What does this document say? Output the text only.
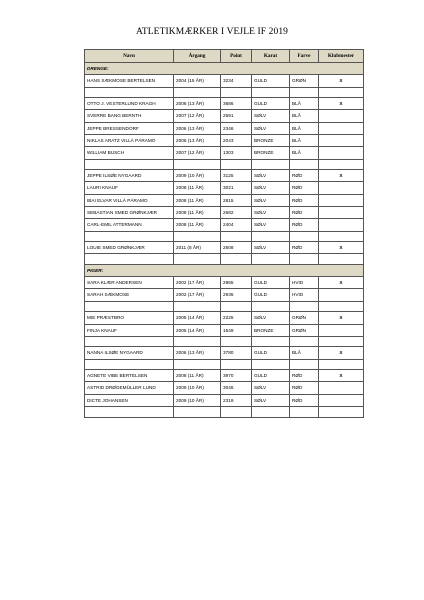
ATLETIKMÆRKER I VEJLE IF 2019
Navn	Årgang	Point	Karat	Farve	Klubmester
DRENGE:					
HANS SÆKMOSE BERTELSEN	2004 (15 ÅR)	3234	GULD	GRØN	X

OTTO J. VESTERLUND KRAGH	2006 (13 ÅR)	3686	GULD	BLÅ	X
SVERRE BANG BERNTH	2007 (12 ÅR)	2591	SØLV	BLÅ	
JEPPE BRESSENDORF	2006 (13 ÅR)	2346	SØLV	BLÅ	
NIKLAS ARATZ VILLÀ PÁRAMO	2006 (13 ÅR)	2043	BRONZE	BLÅ	
WILLIAM BUSCH	2007 (12 ÅR)	1303	BRONZE	BLÅ	

JEPPE ILSØE NYGAARD	2009 (10 ÅR)	3125	SØLV	RØD	X
LAURI KNAUF	2008 (11 ÅR)	3021	SØLV	RØD	
IBAI ELVAR VILLÀ PÁRAMO	2008 (11 ÅR)	2815	SØLV	RØD	
SEBASTIAN SMED GRØNKJÆR	2008 (11 ÅR)	2682	SØLV	RØD	
CARL-EMIL ATTERMANN	2008 (11 ÅR)	2404	SØLV	RØD	

LOUIE SMED GRØNKJÆR	2011 (8 ÅR)	2608	SØLV	RØD	X

PIGER:					
SARA KLÆR ANDERSEN	2002 (17 ÅR)	2965	GULD	HVID	X
SARAH SÆKMOSE	2002 (17 ÅR)	2936	GULD	HVID	

MIE PRÆSTBRO	2005 (14 ÅR)	2225	SØLV	GRØN	X
FINJA KNAUF	2005 (14 ÅR)	1549	BRONZE	GRØN	

NANNA ILSØE NYGAARD	2006 (13 ÅR)	3780	GULD	BLÅ	X

AGNETE VIBE BERTELSEN	2008 (11 ÅR)	3970	GULD	RØD	X
ASTRID DRØGEMÜLLER LUND	2009 (10 ÅR)	3046	SØLV	RØD	
DICTE JOHANSEN	2009 (10 ÅR)	2319	SØLV	RØD	
